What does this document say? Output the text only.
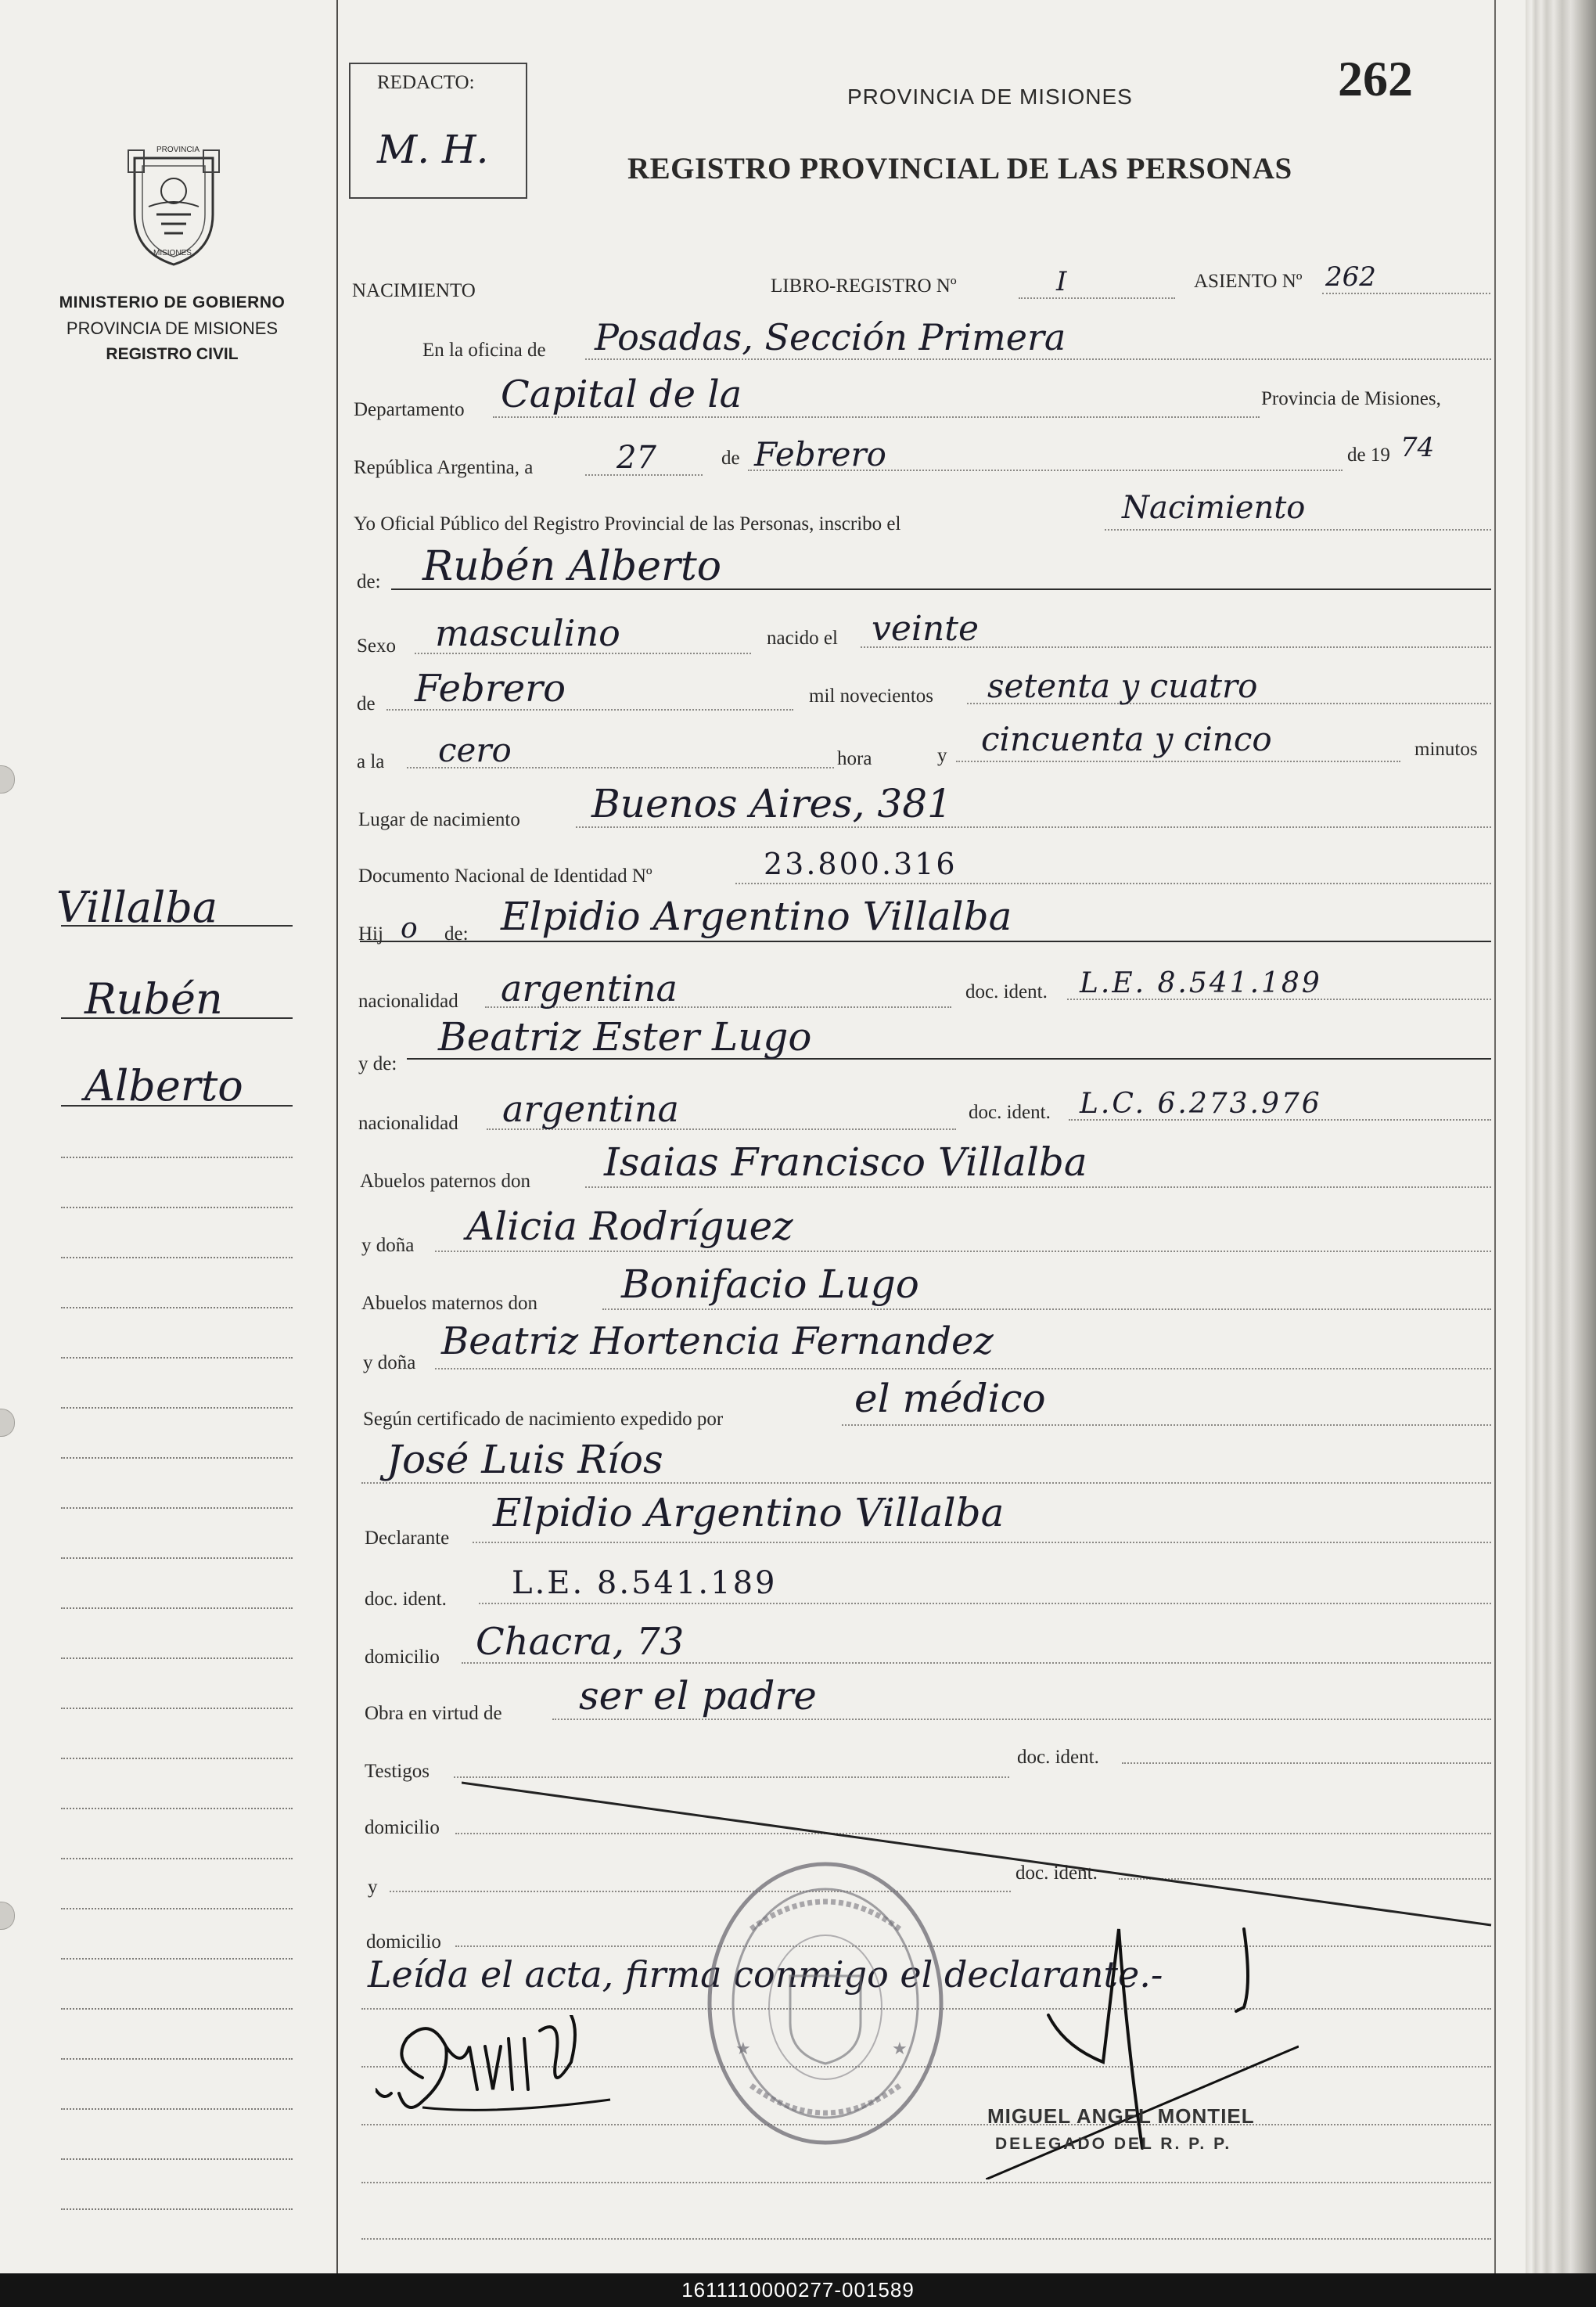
PROVINCIA
MISIONES
MINISTERIO DE GOBIERNO
PROVINCIA DE MISIONES
REGISTRO CIVIL
REDACTO:
M. H.
PROVINCIA DE MISIONES
REGISTRO PROVINCIAL DE LAS PERSONAS
262
Villalba
Rubén
Alberto
NACIMIENTO	LIBRO-REGISTRO Nº	I	ASIENTO Nº 262
En la oficina de Posadas, Sección Primera
Departamento Capital de la	Provincia de Misiones,
República Argentina, a	27	de Febrero	de 19 74
Yo Oficial Público del Registro Provincial de las Personas, inscribo el	Nacimiento
de: Rubén Alberto
Sexo masculino	nacido el veinte
de Febrero	mil novecientos setenta y cuatro
a la cero	hora	y cincuenta y cinco	minutos
Lugar de nacimiento Buenos Aires, 381
Documento Nacional de Identidad Nº	23.800.316
Hij o de: Elpidio Argentino Villalba
nacionalidad argentina	doc. ident. L.E. 8.541.189
y de:
Beatriz Ester Lugo
nacionalidad argentina	doc. ident. L.C. 6.273.976
Abuelos paternos don Isaias Francisco Villalba
y doña Alicia Rodríguez
Abuelos maternos don Bonifacio Lugo
y doña Beatriz Hortencia Fernandez
Según certificado de nacimiento expedido por	el médico
José Luis Ríos
Declarante
Elpidio Argentino Villalba
doc. ident. L.E. 8.541.189
domicilio Chacra, 73
Obra en virtud de ser el padre
Testigos
doc. ident.
domicilio
y
doc. ident.
domicilio
Leída el acta, firma conmigo el declarante.-
★
★
MIGUEL ANGEL MONTIEL
DELEGADO DEL R. P. P.
1611110000277-001589
